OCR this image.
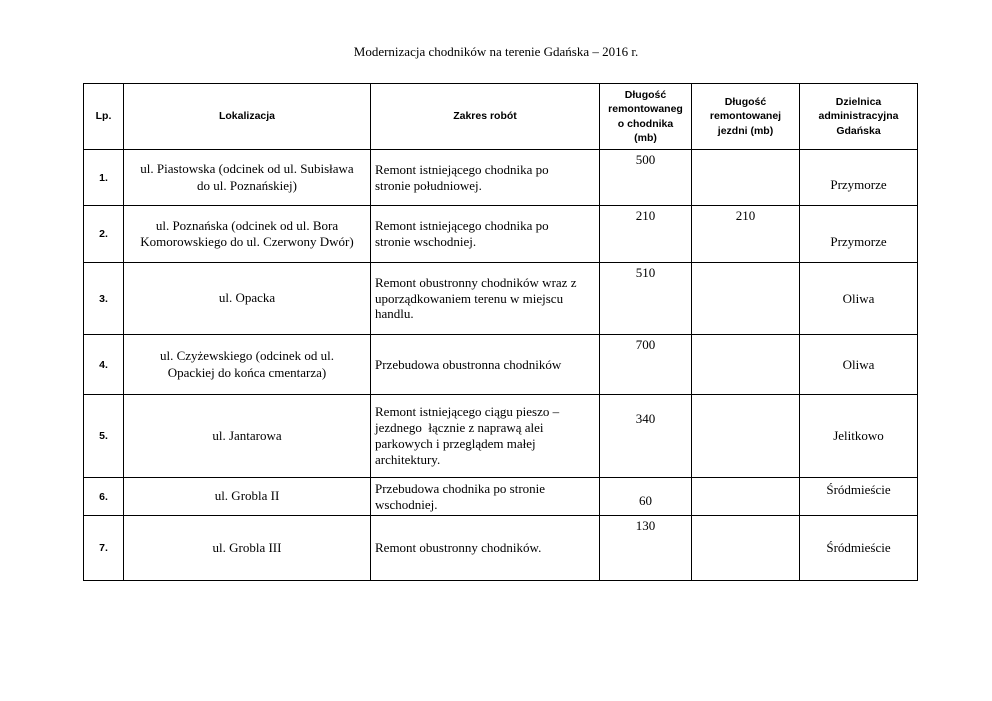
Modernizacja chodników na terenie Gdańska – 2016 r.
Lp.	Lokalizacja	Zakres robót	Długość
remontowaneg
o chodnika
(mb)	Długość
remontowanej
jezdni (mb)	Dzielnica
administracyjna
Gdańska

1.	ul. Piastowska (odcinek od ul. Subisława
do ul. Poznańskiej)	Remont istniejącego chodnika po
stronie południowej.	500		Przymorze
2.	ul. Poznańska (odcinek od ul. Bora
Komorowskiego do ul. Czerwony Dwór)	Remont istniejącego chodnika po
stronie wschodniej.	210	210	Przymorze
3.	ul. Opacka	Remont obustronny chodników wraz z
uporządkowaniem terenu w miejscu
handlu.	510		Oliwa
4.	ul. Czyżewskiego (odcinek od ul.
Opackiej do końca cmentarza)	Przebudowa obustronna chodników	700		Oliwa
5.	ul. Jantarowa	Remont istniejącego ciągu pieszo –
jezdnego  łącznie z naprawą alei
parkowych i przeglądem małej
architektury.	340		Jelitkowo
6.	ul. Grobla II	Przebudowa chodnika po stronie
wschodniej.	60		Śródmieście
7.	ul. Grobla III	Remont obustronny chodników.	130		Śródmieście
